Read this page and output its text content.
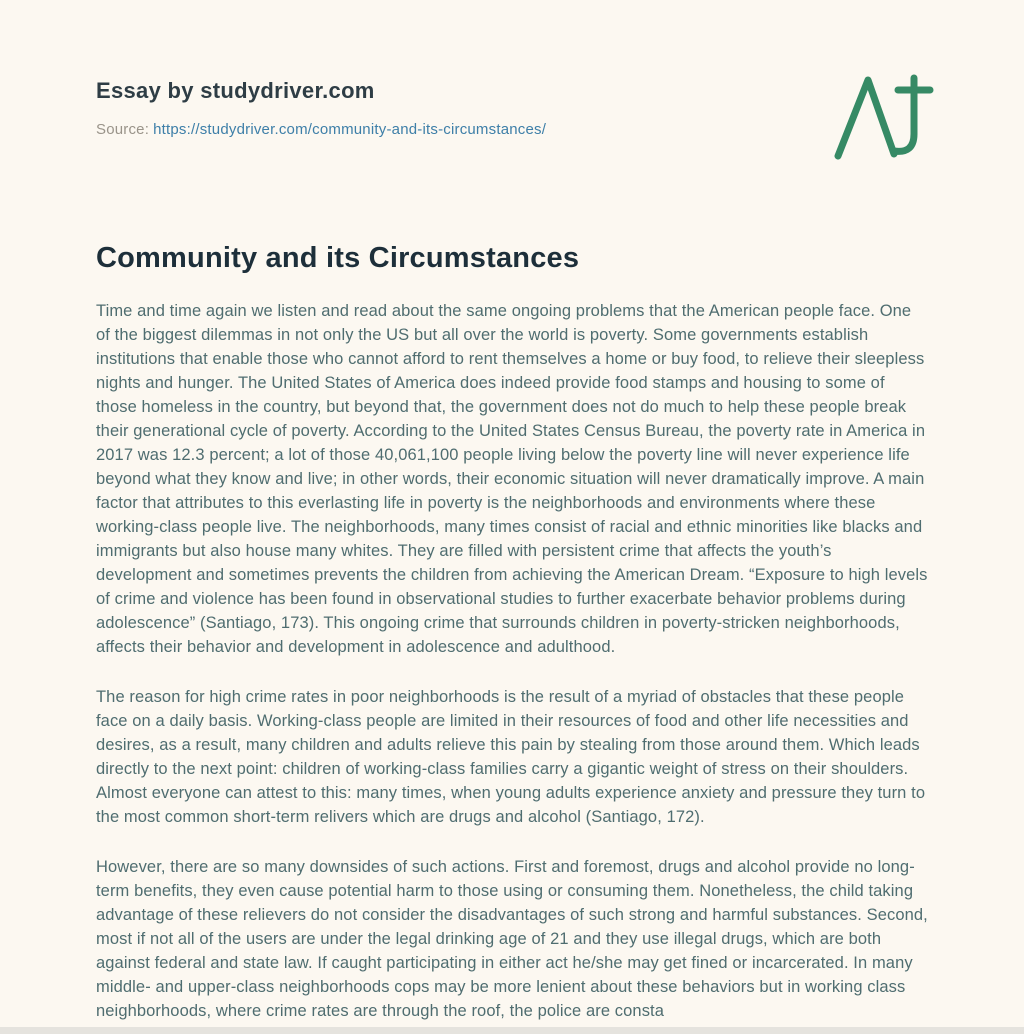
Essay by studydriver.com
Source: https://studydriver.com/community-and-its-circumstances/
Community and its Circumstances

Time and time again we listen and read about the same ongoing problems that the American people face. One of the biggest dilemmas in not only the US but all over the world is poverty. Some governments establish institutions that enable those who cannot afford to rent themselves a home or buy food, to relieve their sleepless nights and hunger. The United States of America does indeed provide food stamps and housing to some of those homeless in the country, but beyond that, the government does not do much to help these people break their generational cycle of poverty. According to the United States Census Bureau, the poverty rate in America in 2017 was 12.3 percent; a lot of those 40,061,100 people living below the poverty line will never experience life beyond what they know and live; in other words, their economic situation will never dramatically improve. A main factor that attributes to this everlasting life in poverty is the neighborhoods and environments where these working-class people live. The neighborhoods, many times consist of racial and ethnic minorities like blacks and immigrants but also house many whites. They are filled with persistent crime that affects the youth’s development and sometimes prevents the children from achieving the American Dream. “Exposure to high levels of crime and violence has been found in observational studies to further exacerbate behavior problems during adolescence” (Santiago, 173). This ongoing crime that surrounds children in poverty-stricken neighborhoods, affects their behavior and development in adolescence and adulthood.

The reason for high crime rates in poor neighborhoods is the result of a myriad of obstacles that these people face on a daily basis. Working-class people are limited in their resources of food and other life necessities and desires, as a result, many children and adults relieve this pain by stealing from those around them. Which leads directly to the next point: children of working-class families carry a gigantic weight of stress on their shoulders. Almost everyone can attest to this: many times, when young adults experience anxiety and pressure they turn to the most common short-term relivers which are drugs and alcohol (Santiago, 172).

However, there are so many downsides of such actions. First and foremost, drugs and alcohol provide no long-term benefits, they even cause potential harm to those using or consuming them. Nonetheless, the child taking advantage of these relievers do not consider the disadvantages of such strong and harmful substances. Second, most if not all of the users are under the legal drinking age of 21 and they use illegal drugs, which are both against federal and state law. If caught participating in either act he/she may get fined or incarcerated. In many middle- and upper-class neighborhoods cops may be more lenient about these behaviors but in working class neighborhoods, where crime rates are through the roof, the police are consta
